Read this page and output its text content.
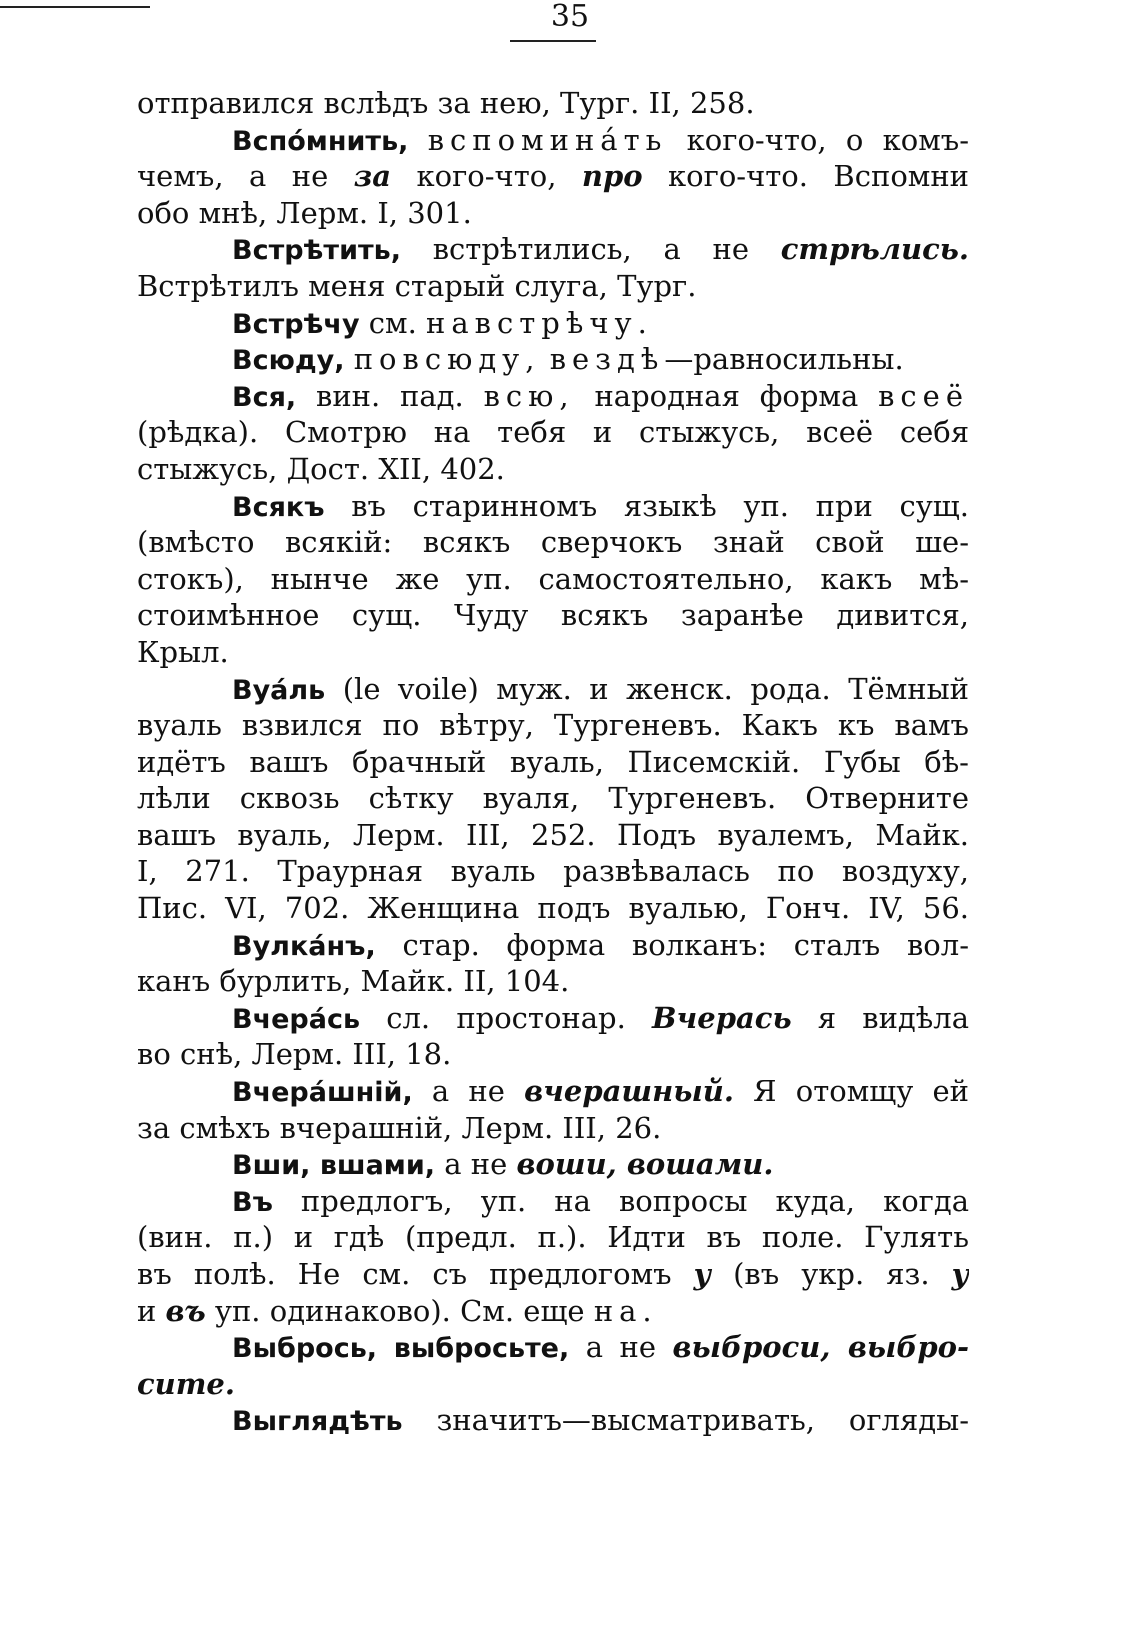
35
отправился вслѣдъ за нею, Тург. II, 258.
Вспóмнить, вспоминáть кого-что, о комъ-
чемъ, а не за кого-что, про кого-что. Вспомни
обо мнѣ, Лерм. I, 301.
Встрѣтить, встрѣтились, а не стрѣлись.
Встрѣтилъ меня старый слуга, Тург.
Встрѣчу см. навстрѣчу.
Всюду, повсюду, вездѣ—равносильны.
Вся, вин. пад. всю, народная форма всеё
(рѣдка). Смотрю на тебя и стыжусь, всеё себя
стыжусь, Дост. XII, 402.
Всякъ въ старинномъ языкѣ уп. при сущ.
(вмѣсто всякій: всякъ сверчокъ знай свой ше-
стокъ), нынче же уп. самостоятельно, какъ мѣ-
стоимѣнное сущ. Чуду всякъ заранѣе дивится,
Крыл.
Вуáль (le voile) муж. и женск. рода. Тёмный
вуаль взвился по вѣтру, Тургеневъ. Какъ къ вамъ
идётъ вашъ брачный вуаль, Писемскій. Губы бѣ-
лѣли сквозь сѣтку вуаля, Тургеневъ. Отверните
вашъ вуаль, Лерм. III, 252. Подъ вуалемъ, Майк.
I, 271. Траурная вуаль развѣвалась по воздуху,
Пис. VI, 702. Женщина подъ вуалью, Гонч. IV, 56.
Вулкáнъ, стар. форма волканъ: сталъ вол-
канъ бурлить, Майк. II, 104.
Вчерáсь сл. простонар. Вчерась я видѣла
во снѣ, Лерм. III, 18.
Вчерáшній, а не вчерашный. Я отомщу ей
за смѣхъ вчерашній, Лерм. III, 26.
Вши, вшами, а не воши, вошами.
Въ предлогъ, уп. на вопросы куда, когда
(вин. п.) и гдѣ (предл. п.). Идти въ поле. Гулять
въ полѣ. Не см. съ предлогомъ у (въ укр. яз. у
и въ уп. одинаково). См. еще на.
Выбрось, выбросьте, а не выброси, выбро-
сите.
Выглядѣть значитъ—высматривать, огляды-
